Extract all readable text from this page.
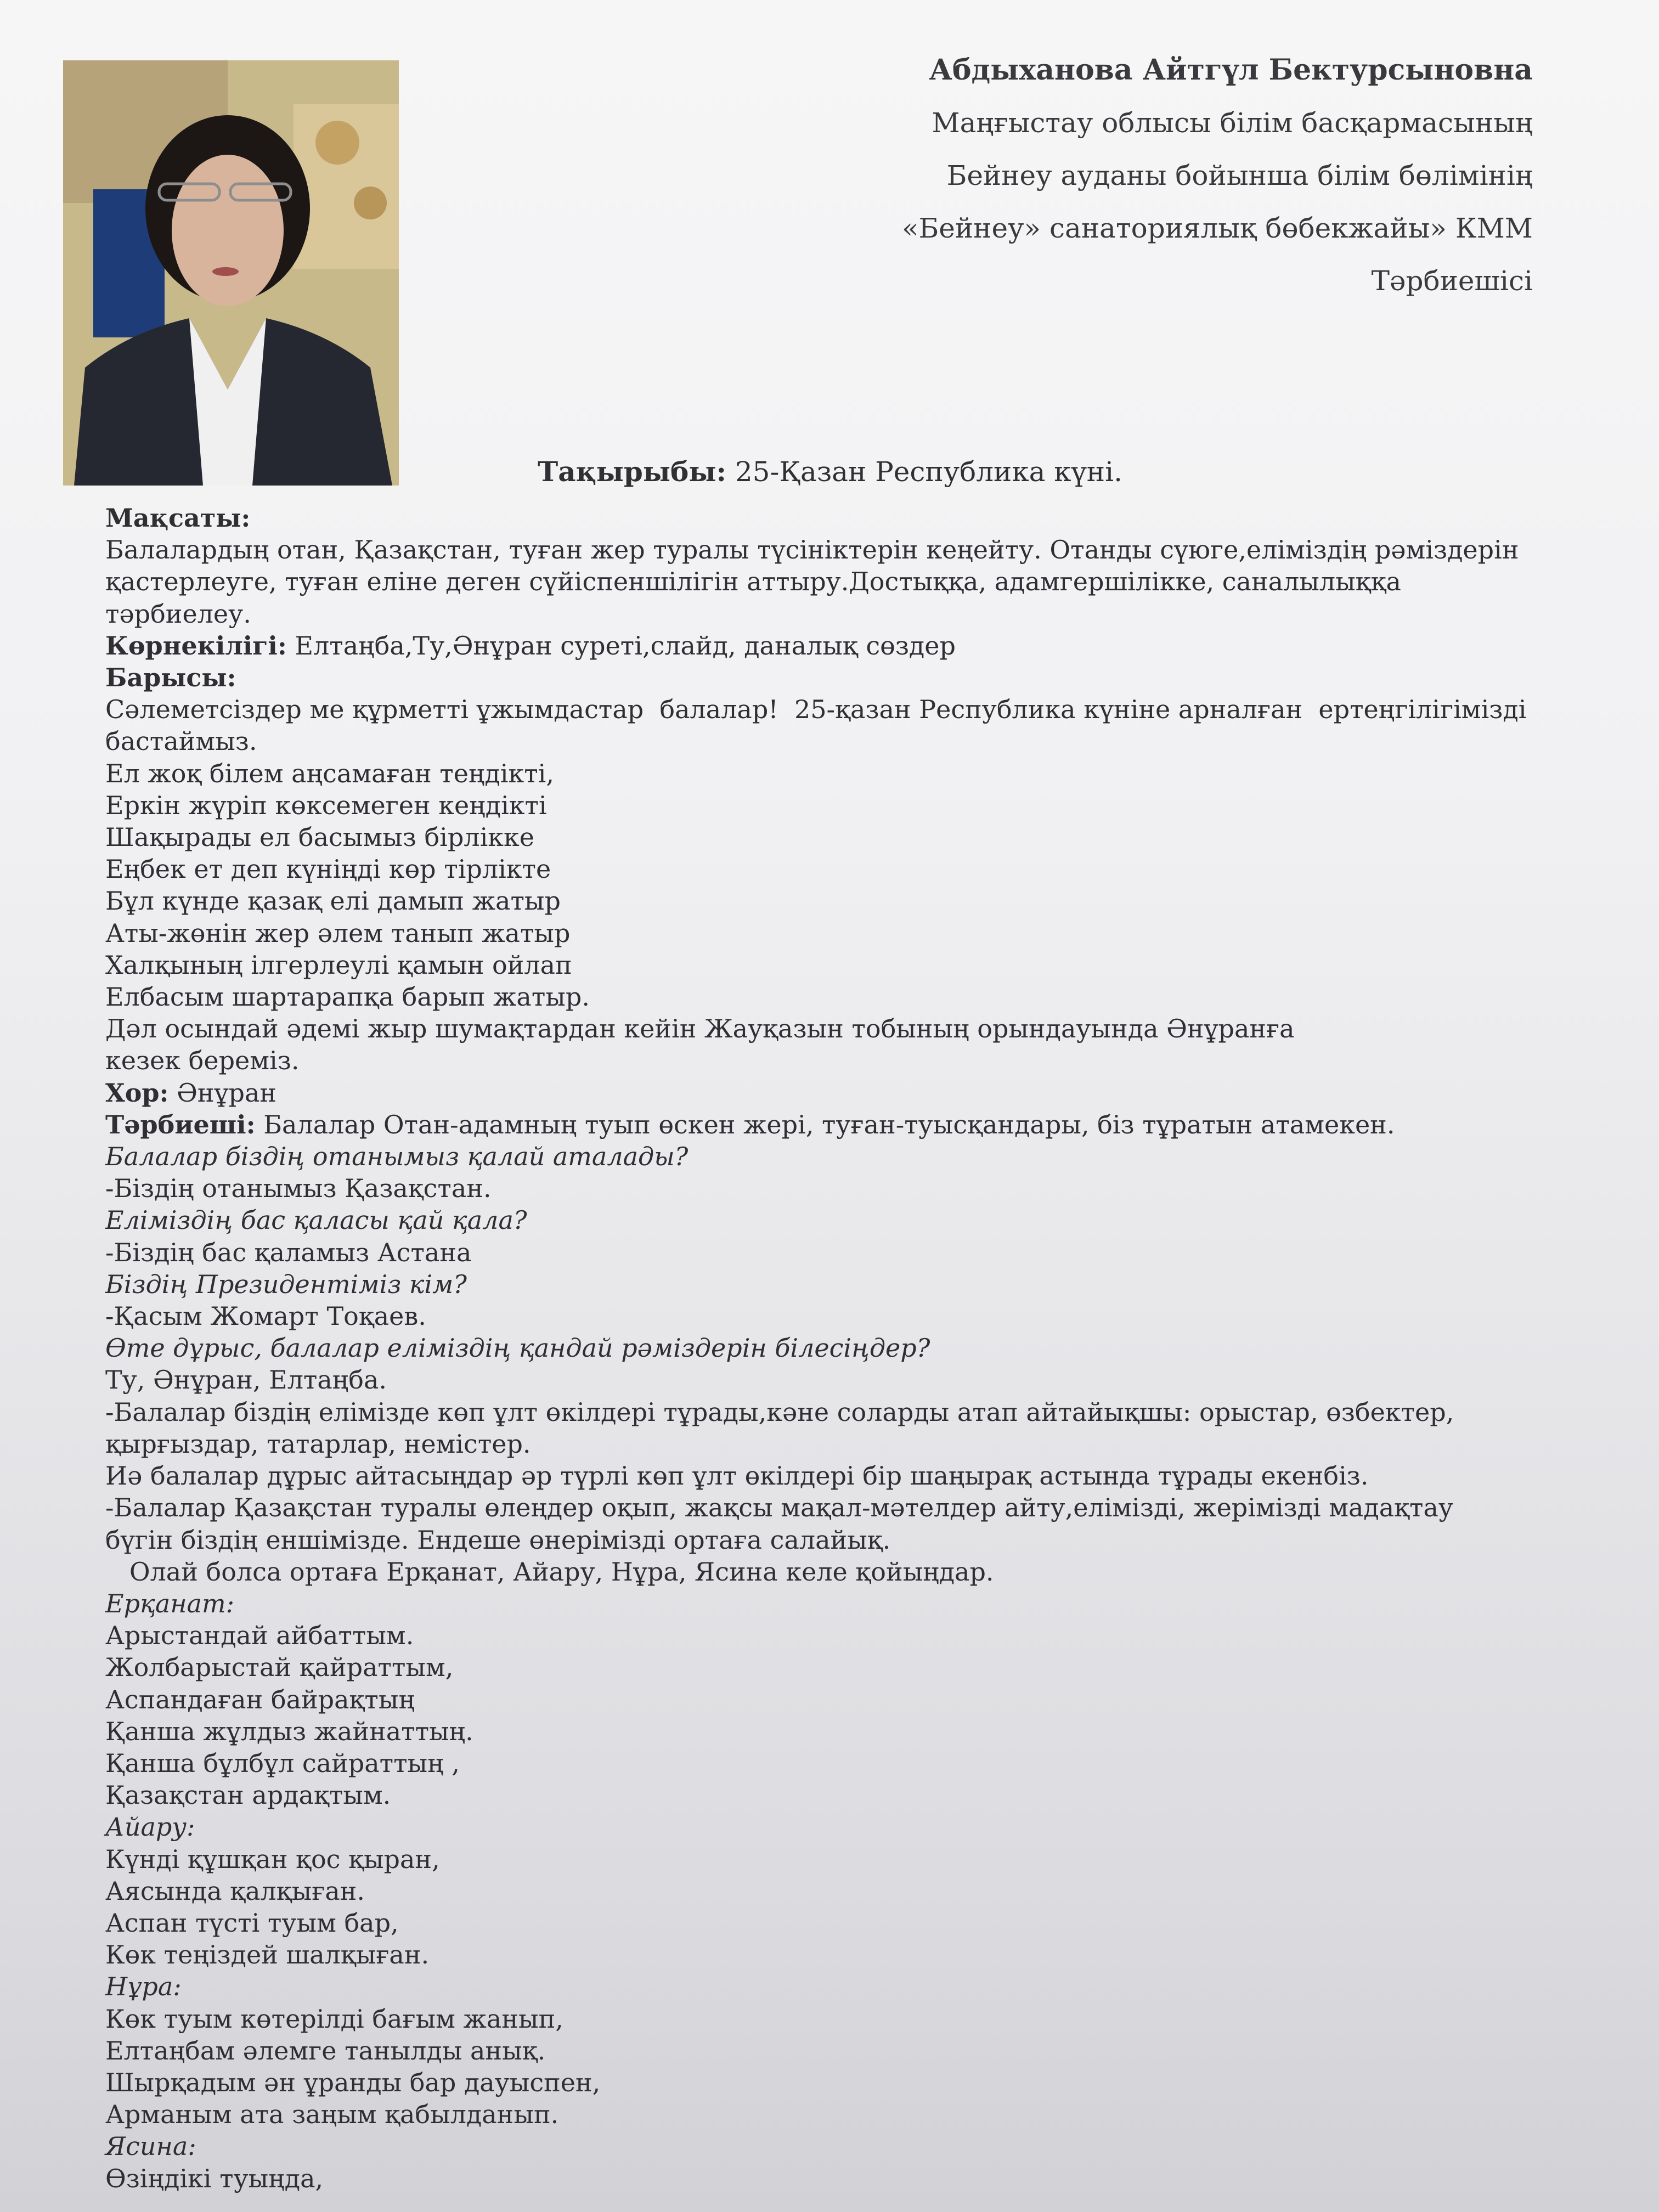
Абдыханова Айтгүл Бектурсыновна
Маңғыстау облысы білім басқармасының
Бейнеу ауданы бойынша білім бөлімінің
«Бейнеу» санаториялық бөбекжайы» КММ
Тәрбиешісі
Тақырыбы: 25-Қазан Республика күні.

Мақсаты:

Балалардың отан, Қазақстан, туған жер туралы түсініктерін кеңейту. Отанды сүюге,еліміздің рәміздерін

қастерлеуге, туған еліне деген сүйіспеншілігін аттыру.Достыққа, адамгершілікке, саналылыққа

тәрбиелеу.

Көрнекілігі: Елтаңба,Ту,Әнұран суреті,слайд, даналық сөздер

Барысы:

Сәлеметсіздер ме құрметті ұжымдастар  балалар!  25-қазан Республика күніне арналған  ертеңгілігімізді

бастаймыз.

Ел жоқ білем аңсамаған теңдікті,

Еркін жүріп көксемеген кеңдікті

Шақырады ел басымыз бірлікке

Еңбек ет деп күніңді көр тірлікте

Бұл күнде қазақ елі дамып жатыр

Аты-жөнін жер әлем танып жатыр

Халқының ілгерлеулі қамын ойлап

Елбасым шартарапқа барып жатыр.

Дәл осындай әдемі жыр шумақтардан кейін Жауқазын тобының орындауында Әнұранға

кезек береміз.

Хор: Әнұран

Тәрбиеші: Балалар Отан-адамның туып өскен жері, туған-туысқандары, біз тұратын атамекен.

Балалар біздің отанымыз қалай аталады?

-Біздің отанымыз Қазақстан.

Еліміздің бас қаласы қай қала?

-Біздің бас қаламыз Астана

Біздің Президентіміз кім?

-Қасым Жомарт Тоқаев.

Өте дұрыс, балалар еліміздің қандай рәміздерін білесіңдер?

Ту, Әнұран, Елтаңба.

-Балалар біздің елімізде көп ұлт өкілдері тұрады,кәне соларды атап айтайықшы: орыстар, өзбектер,

қырғыздар, татарлар, немістер.

Иә балалар дұрыс айтасыңдар әр түрлі көп ұлт өкілдері бір шаңырақ астында тұрады екенбіз.

-Балалар Қазақстан туралы өлеңдер оқып, жақсы мақал-мәтелдер айту,елімізді, жерімізді мадақтау

бүгін біздің еншімізде. Ендеше өнерімізді ортаға салайық.

Олай болса ортаға Ерқанат, Айару, Нұра, Ясина келе қойыңдар.

Ерқанат:

Арыстандай айбаттым.

Жолбарыстай қайраттым,

Аспандаған байрақтың

Қанша жұлдыз жайнаттың.

Қанша бұлбұл сайраттың ,

Қазақстан ардақтым.

Айару:

Күнді құшқан қос қыран,

Аясында қалқыған.

Аспан түсті туым бар,

Көк теңіздей шалқыған.

Нұра:

Көк туым көтерілді бағым жанып,

Елтаңбам әлемге танылды анық.

Шырқадым ән ұранды бар дауыспен,

Арманым ата заңым қабылданып.

Ясина:

Өзіңдікі туыңда,
